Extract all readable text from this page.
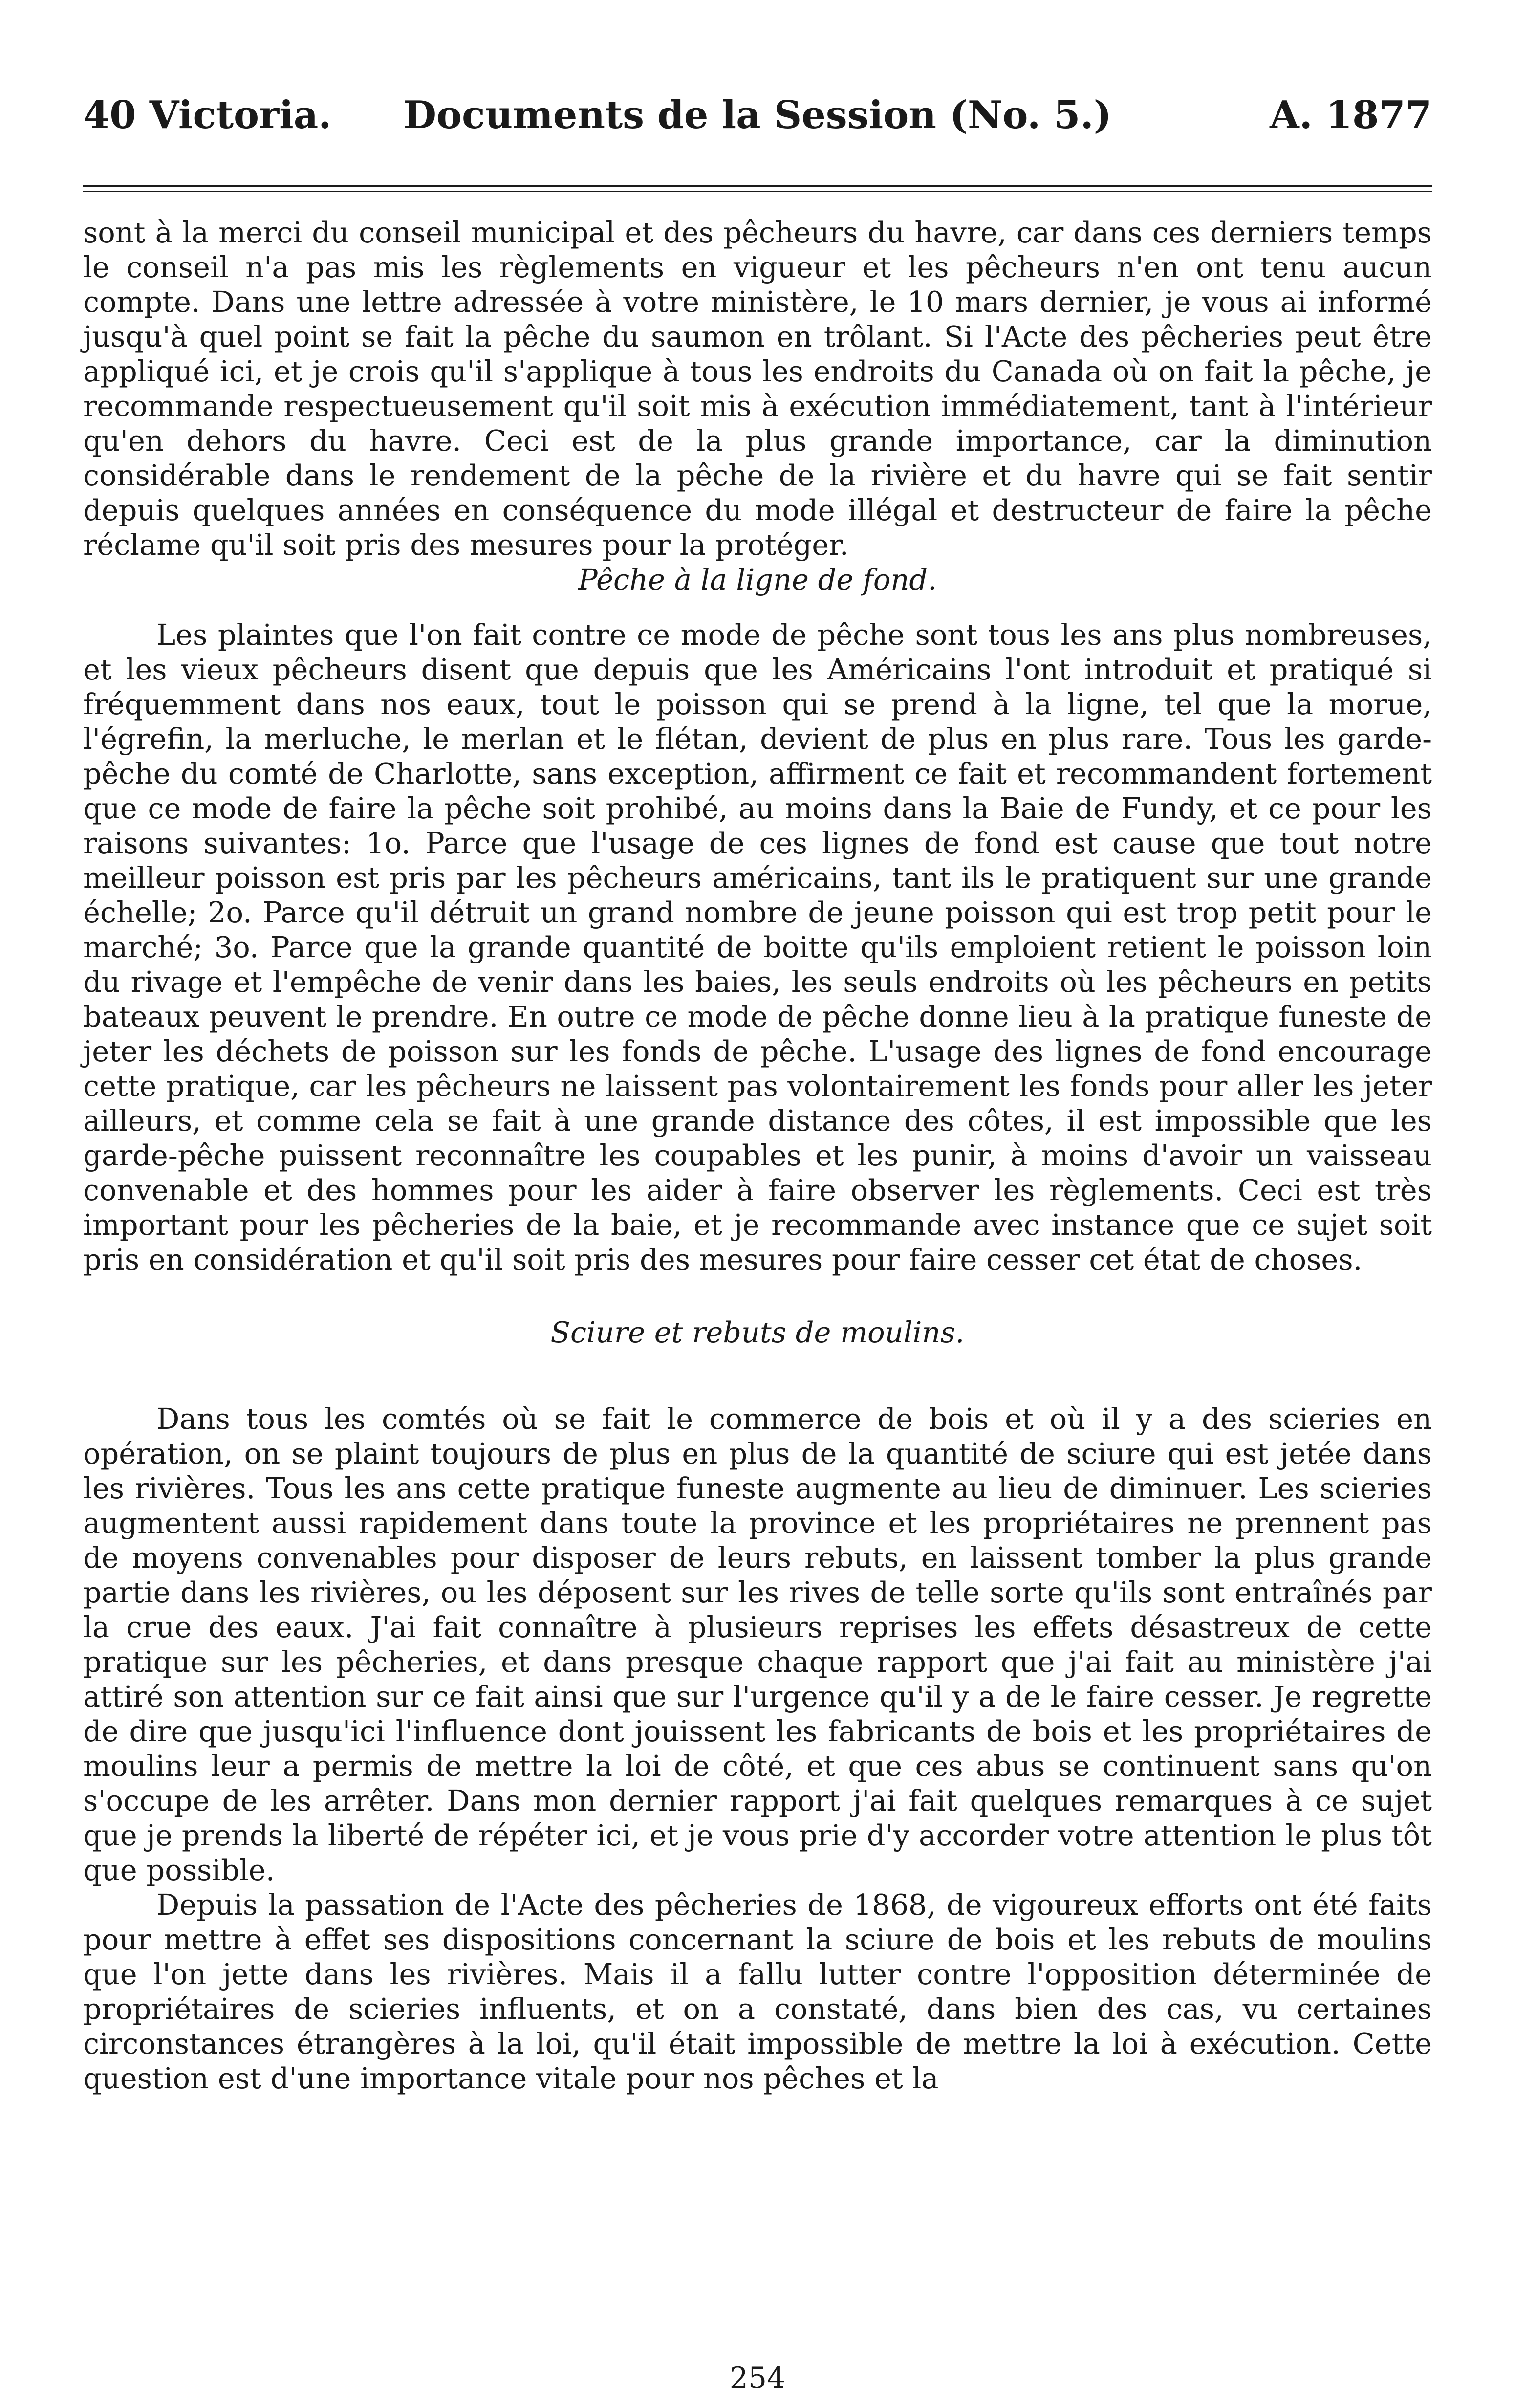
40 Victoria.	Documents de la Session (No. 5.)	A. 1877

sont à la merci du conseil municipal et des pêcheurs du havre, car dans ces derniers temps le conseil n'a pas mis les règlements en vigueur et les pêcheurs n'en ont tenu aucun compte. Dans une lettre adressée à votre ministère, le 10 mars dernier, je vous ai informé jusqu'à quel point se fait la pêche du saumon en trôlant. Si l'Acte des pêcheries peut être appliqué ici, et je crois qu'il s'applique à tous les endroits du Canada où on fait la pêche, je recommande respectueusement qu'il soit mis à exécution immédiatement, tant à l'intérieur qu'en dehors du havre. Ceci est de la plus grande importance, car la diminution considérable dans le rendement de la pêche de la rivière et du havre qui se fait sentir depuis quelques années en conséquence du mode illégal et destructeur de faire la pêche réclame qu'il soit pris des mesures pour la protéger.

Pêche à la ligne de fond.

Les plaintes que l'on fait contre ce mode de pêche sont tous les ans plus nombreuses, et les vieux pêcheurs disent que depuis que les Américains l'ont introduit et pratiqué si fréquemment dans nos eaux, tout le poisson qui se prend à la ligne, tel que la morue, l'égrefin, la merluche, le merlan et le flétan, devient de plus en plus rare. Tous les garde-pêche du comté de Charlotte, sans exception, affirment ce fait et recommandent fortement que ce mode de faire la pêche soit prohibé, au moins dans la Baie de Fundy, et ce pour les raisons suivantes: 1o. Parce que l'usage de ces lignes de fond est cause que tout notre meilleur poisson est pris par les pêcheurs américains, tant ils le pratiquent sur une grande échelle; 2o. Parce qu'il détruit un grand nombre de jeune poisson qui est trop petit pour le marché; 3o. Parce que la grande quantité de boitte qu'ils emploient retient le poisson loin du rivage et l'empêche de venir dans les baies, les seuls endroits où les pêcheurs en petits bateaux peuvent le prendre. En outre ce mode de pêche donne lieu à la pratique funeste de jeter les déchets de poisson sur les fonds de pêche. L'usage des lignes de fond encourage cette pratique, car les pêcheurs ne laissent pas volontairement les fonds pour aller les jeter ailleurs, et comme cela se fait à une grande distance des côtes, il est impossible que les garde-pêche puissent reconnaître les coupables et les punir, à moins d'avoir un vaisseau convenable et des hommes pour les aider à faire observer les règlements. Ceci est très important pour les pêcheries de la baie, et je recommande avec instance que ce sujet soit pris en considération et qu'il soit pris des mesures pour faire cesser cet état de choses.

Sciure et rebuts de moulins.

Dans tous les comtés où se fait le commerce de bois et où il y a des scieries en opération, on se plaint toujours de plus en plus de la quantité de sciure qui est jetée dans les rivières. Tous les ans cette pratique funeste augmente au lieu de diminuer. Les scieries augmentent aussi rapidement dans toute la province et les propriétaires ne prennent pas de moyens convenables pour disposer de leurs rebuts, en laissent tomber la plus grande partie dans les rivières, ou les déposent sur les rives de telle sorte qu'ils sont entraînés par la crue des eaux. J'ai fait connaître à plusieurs reprises les effets désastreux de cette pratique sur les pêcheries, et dans presque chaque rapport que j'ai fait au ministère j'ai attiré son attention sur ce fait ainsi que sur l'urgence qu'il y a de le faire cesser. Je regrette de dire que jusqu'ici l'influence dont jouissent les fabricants de bois et les propriétaires de moulins leur a permis de mettre la loi de côté, et que ces abus se continuent sans qu'on s'occupe de les arrêter. Dans mon dernier rapport j'ai fait quelques remarques à ce sujet que je prends la liberté de répéter ici, et je vous prie d'y accorder votre attention le plus tôt que possible.

Depuis la passation de l'Acte des pêcheries de 1868, de vigoureux efforts ont été faits pour mettre à effet ses dispositions concernant la sciure de bois et les rebuts de moulins que l'on jette dans les rivières. Mais il a fallu lutter contre l'opposition déterminée de propriétaires de scieries influents, et on a constaté, dans bien des cas, vu certaines circonstances étrangères à la loi, qu'il était impossible de mettre la loi à exécution. Cette question est d'une importance vitale pour nos pêches et la

254
